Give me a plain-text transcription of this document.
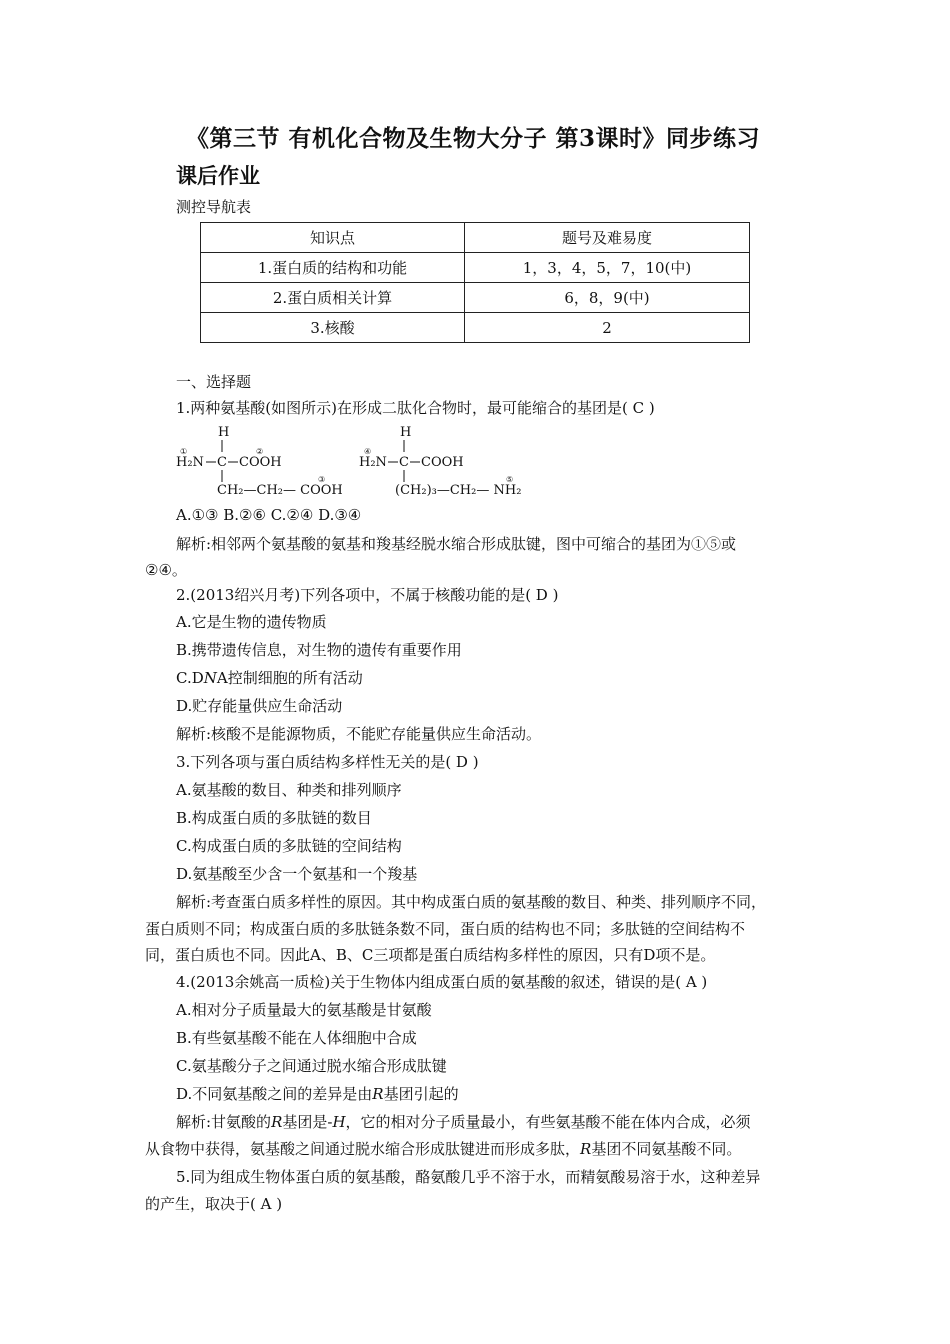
《第三节 有机化合物及生物大分子 第3课时》同步练习
课后作业
测控导航表
知识点	题号及难易度
1.蛋白质的结构和功能	1，3，4，5，7，10(中)
2.蛋白质相关计算	6，8，9(中)
3.核酸	2
一、选择题
1.两种氨基酸(如图所示)在形成二肽化合物时，最可能缩合的基团是( C )
H
①
H₂N C
②
COOH
③
CH₂—CH₂— COOH
H
④
H₂N C COOH
⑤
(CH₂)₃—CH₂— NH₂
A.①③ B.②⑥ C.②④ D.③④
解析:相邻两个氨基酸的氨基和羧基经脱水缩合形成肽键，图中可缩合的基团为①⑤或
②④。
2.(2013绍兴月考)下列各项中，不属于核酸功能的是( D )
A.它是生物的遗传物质
B.携带遗传信息，对生物的遗传有重要作用
C.DNA控制细胞的所有活动
D.贮存能量供应生命活动
解析:核酸不是能源物质，不能贮存能量供应生命活动。
3.下列各项与蛋白质结构多样性无关的是( D )
A.氨基酸的数目、种类和排列顺序
B.构成蛋白质的多肽链的数目
C.构成蛋白质的多肽链的空间结构
D.氨基酸至少含一个氨基和一个羧基
解析:考查蛋白质多样性的原因。其中构成蛋白质的氨基酸的数目、种类、排列顺序不同，
蛋白质则不同；构成蛋白质的多肽链条数不同，蛋白质的结构也不同；多肽链的空间结构不
同，蛋白质也不同。因此A、B、C三项都是蛋白质结构多样性的原因，只有D项不是。
4.(2013余姚高一质检)关于生物体内组成蛋白质的氨基酸的叙述，错误的是( A )
A.相对分子质量最大的氨基酸是甘氨酸
B.有些氨基酸不能在人体细胞中合成
C.氨基酸分子之间通过脱水缩合形成肽键
D.不同氨基酸之间的差异是由R基团引起的
解析:甘氨酸的R基团是-H，它的相对分子质量最小，有些氨基酸不能在体内合成，必须
从食物中获得，氨基酸之间通过脱水缩合形成肽键进而形成多肽，R基团不同氨基酸不同。
5.同为组成生物体蛋白质的氨基酸，酪氨酸几乎不溶于水，而精氨酸易溶于水，这种差异
的产生，取决于( A )
